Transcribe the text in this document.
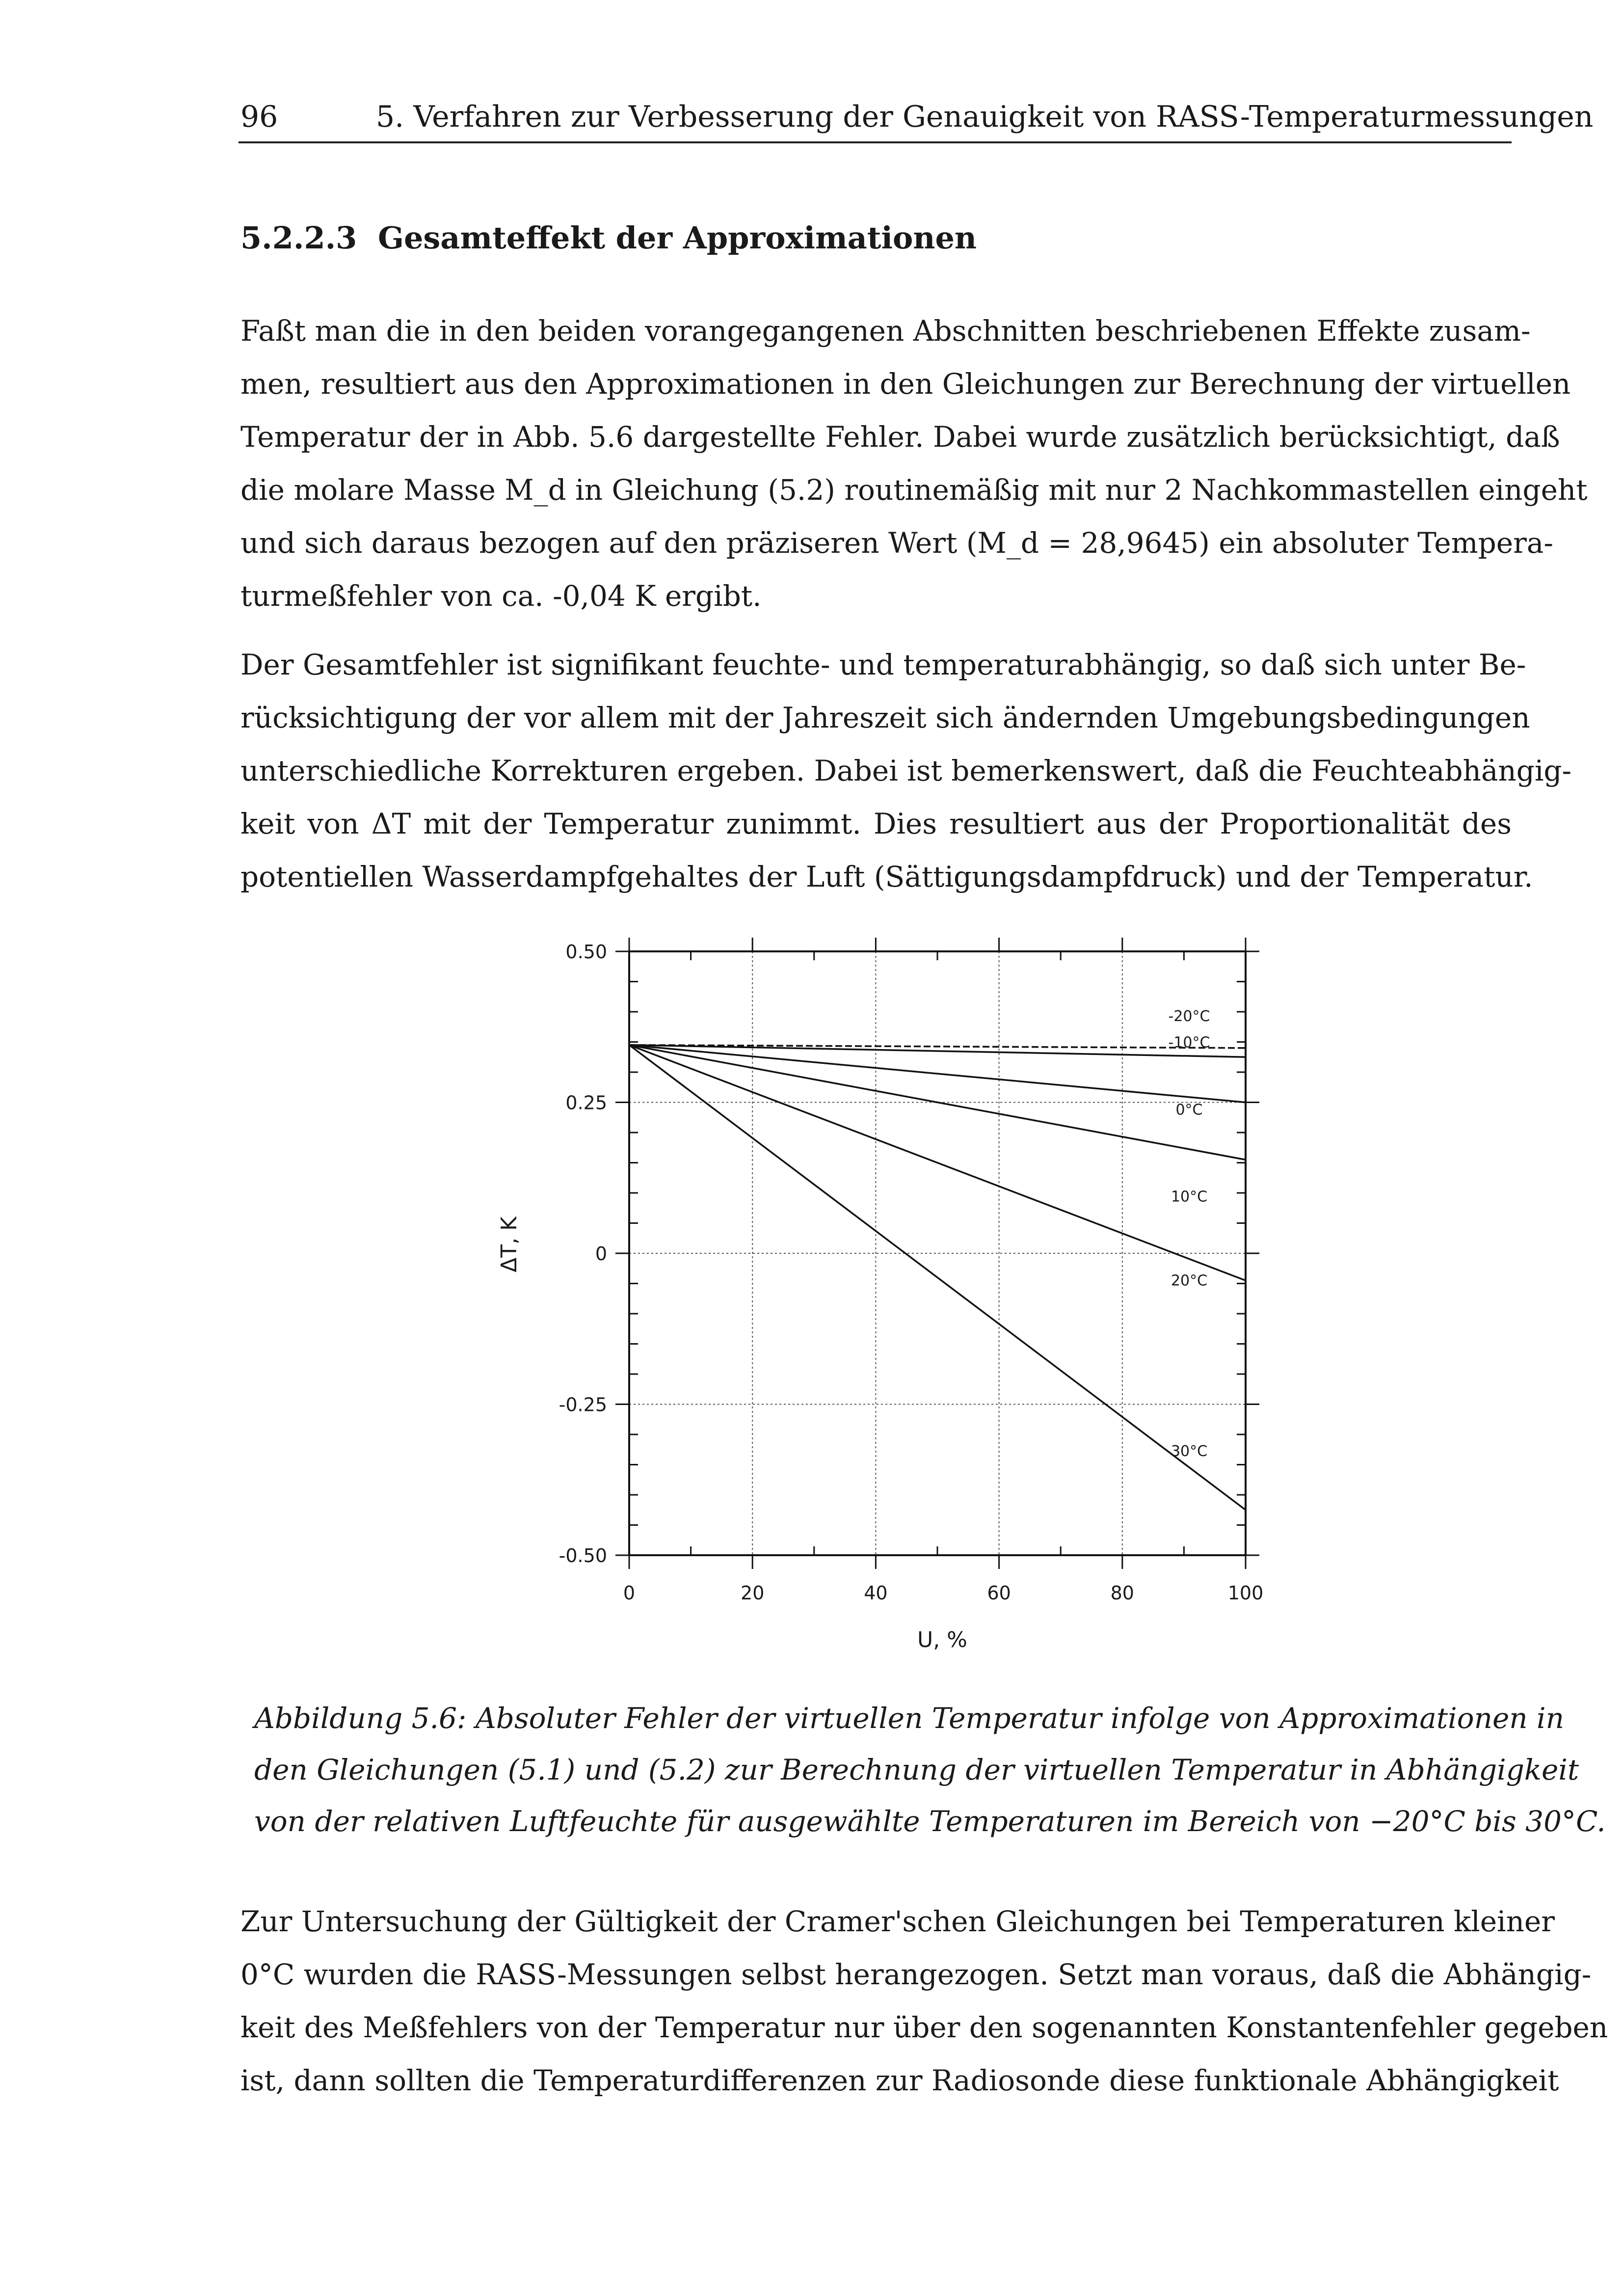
96	5. Verfahren zur Verbesserung der Genauigkeit von RASS-Temperaturmessungen
5.2.2.3 Gesamteffekt der Approximationen

Faßt man die in den beiden vorangegangenen Abschnitten beschriebenen Effekte zusam-
men, resultiert aus den Approximationen in den Gleichungen zur Berechnung der virtuellen
Temperatur der in Abb. 5.6 dargestellte Fehler. Dabei wurde zusätzlich berücksichtigt, daß
die molare Masse M_d in Gleichung (5.2) routinemäßig mit nur 2 Nachkommastellen eingeht
und sich daraus bezogen auf den präziseren Wert (M_d = 28,9645) ein absoluter Tempera-
turmeßfehler von ca. -0,04 K ergibt.

Der Gesamtfehler ist signifikant feuchte- und temperaturabhängig, so daß sich unter Be-
rücksichtigung der vor allem mit der Jahreszeit sich ändernden Umgebungsbedingungen
unterschiedliche Korrekturen ergeben. Dabei ist bemerkenswert, daß die Feuchteabhängig-
keit von ΔT mit der Temperatur zunimmt. Dies resultiert aus der Proportionalität des
potentiellen Wasserdampfgehaltes der Luft (Sättigungsdampfdruck) und der Temperatur.

0	20	40	60	80	100
0.50
0.25
0
-0.25
-0.50
-20°C
-10°C
0°C
10°C
20°C
30°C
U, %
ΔT, K

Abbildung 5.6: Absoluter Fehler der virtuellen Temperatur infolge von Approximationen in
den Gleichungen (5.1) und (5.2) zur Berechnung der virtuellen Temperatur in Abhängigkeit
von der relativen Luftfeuchte für ausgewählte Temperaturen im Bereich von −20°C bis 30°C.

Zur Untersuchung der Gültigkeit der Cramer'schen Gleichungen bei Temperaturen kleiner
0°C wurden die RASS-Messungen selbst herangezogen. Setzt man voraus, daß die Abhängig-
keit des Meßfehlers von der Temperatur nur über den sogenannten Konstantenfehler gegeben
ist, dann sollten die Temperaturdifferenzen zur Radiosonde diese funktionale Abhängigkeit
